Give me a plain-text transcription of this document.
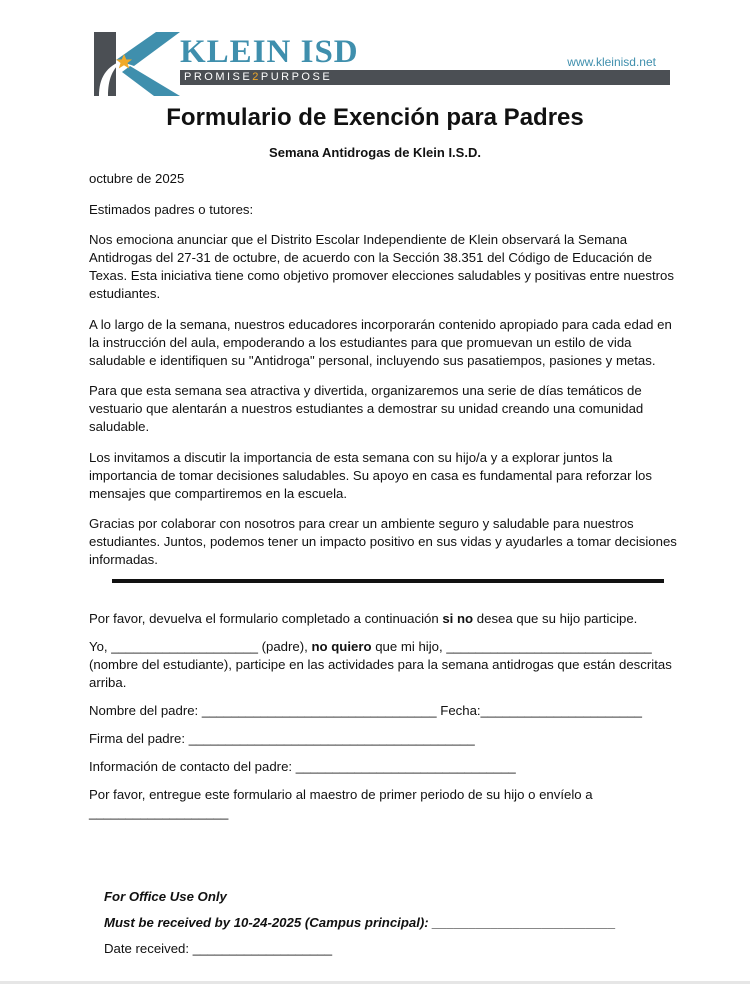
KLEIN ISD
PROMISE2PURPOSE
www.kleinisd.net
Formulario de Exención para Padres
Semana Antidrogas de Klein I.S.D.

octubre de 2025

Estimados padres o tutores:

Nos emociona anunciar que el Distrito Escolar Independiente de Klein observará la Semana Antidrogas del 27-31 de octubre, de acuerdo con la Sección 38.351 del Código de Educación de Texas. Esta iniciativa tiene como objetivo promover elecciones saludables y positivas entre nuestros estudiantes.

A lo largo de la semana, nuestros educadores incorporarán contenido apropiado para cada edad en la instrucción del aula, empoderando a los estudiantes para que promuevan un estilo de vida saludable e identifiquen su "Antidroga" personal, incluyendo sus pasatiempos, pasiones y metas.

Para que esta semana sea atractiva y divertida, organizaremos una serie de días temáticos de vestuario que alentarán a nuestros estudiantes a demostrar su unidad creando una comunidad saludable.

Los invitamos a discutir la importancia de esta semana con su hijo/a y a explorar juntos la importancia de tomar decisiones saludables. Su apoyo en casa es fundamental para reforzar los mensajes que compartiremos en la escuela.

Gracias por colaborar con nosotros para crear un ambiente seguro y saludable para nuestros estudiantes. Juntos, podemos tener un impacto positivo en sus vidas y ayudarles a tomar decisiones informadas.

Por favor, devuelva el formulario completado a continuación si no desea que su hijo participe.

Yo, ____________________ (padre), no quiero que mi hijo, ____________________________ (nombre del estudiante), participe en las actividades para la semana antidrogas que están descritas arriba.

Nombre del padre: ________________________________ Fecha:______________________

Firma del padre: _______________________________________

Información de contacto del padre: ______________________________

Por favor, entregue este formulario al maestro de primer periodo de su hijo o envíelo a ___________________

For Office Use Only

Must be received by 10-24-2025 (Campus principal): _________________________

Date received: ___________________
